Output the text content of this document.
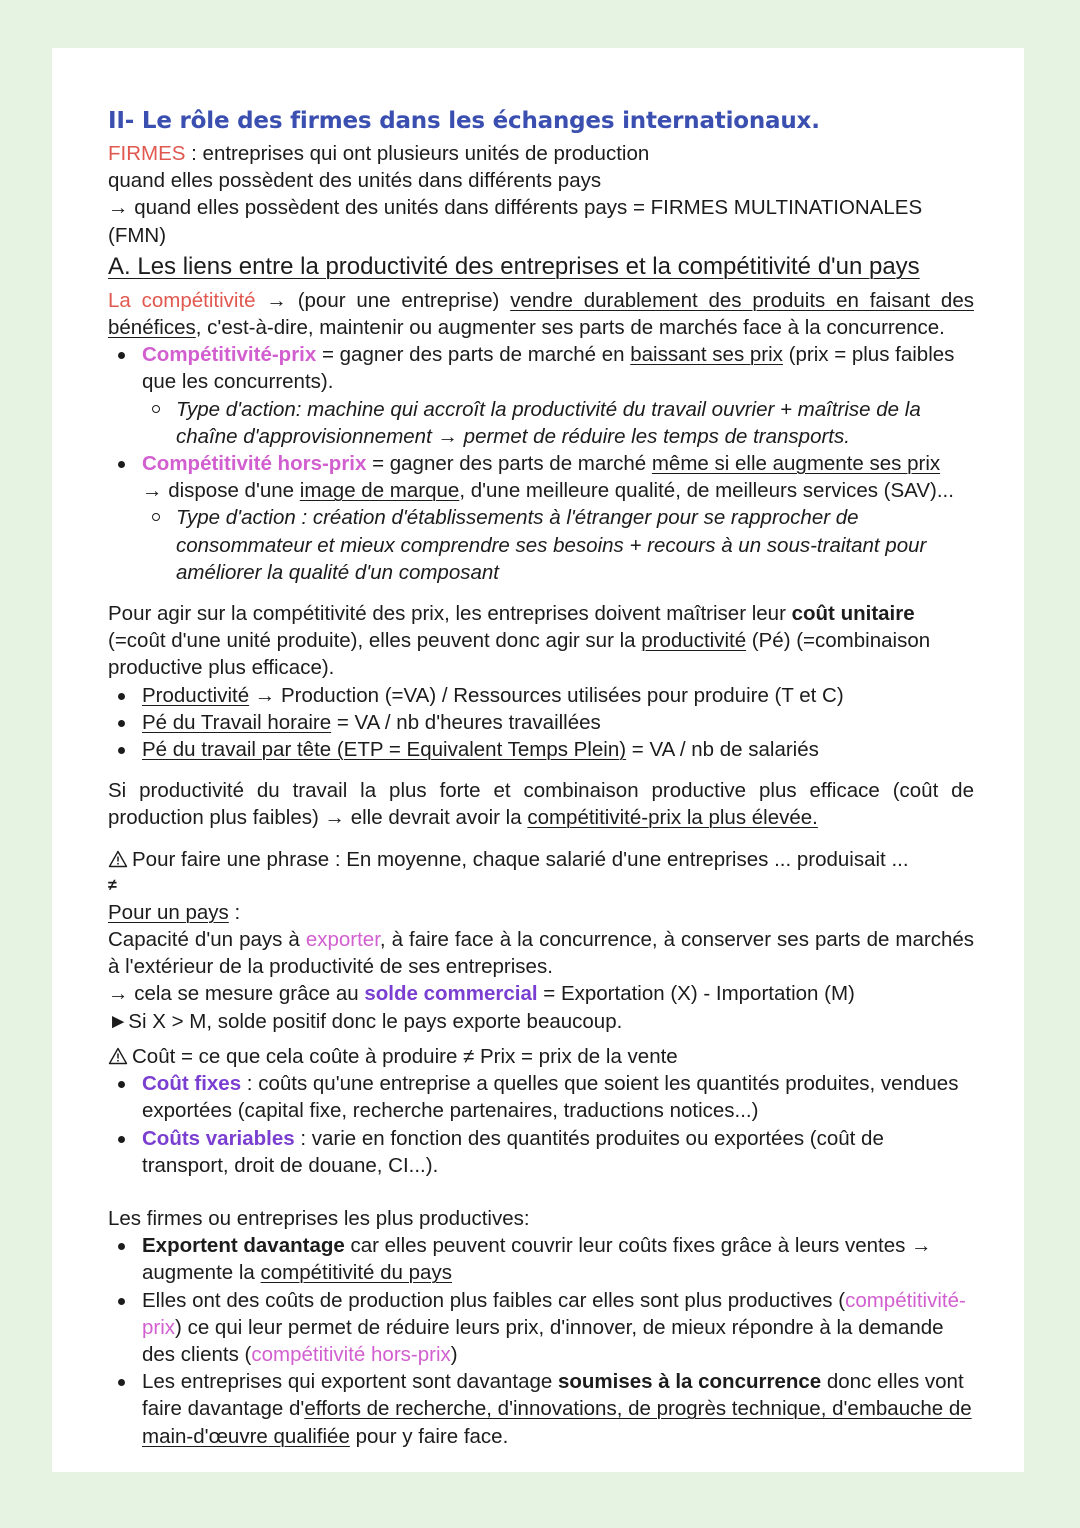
II- Le rôle des firmes dans les échanges internationaux.

FIRMES : entreprises qui ont plusieurs unités de production

quand elles possèdent des unités dans différents pays

→ quand elles possèdent des unités dans différents pays = FIRMES MULTINATIONALES (FMN)

A. Les liens entre la productivité des entreprises et la compétitivité d'un pays

La compétitivité → (pour une entreprise) vendre durablement des produits en faisant des bénéfices, c'est-à-dire, maintenir ou augmenter ses parts de marchés face à la concurrence.

Compétitivité-prix = gagner des parts de marché en baissant ses prix (prix = plus faibles que les concurrents).
Type d'action: machine qui accroît la productivité du travail ouvrier + maîtrise de la chaîne d'approvisionnement → permet de réduire les temps de transports.
Compétitivité hors-prix = gagner des parts de marché même si elle augmente ses prix
→ dispose d'une image de marque, d'une meilleure qualité, de meilleurs services (SAV)...
Type d'action : création d'établissements à l'étranger pour se rapprocher de consommateur et mieux comprendre ses besoins + recours à un sous-traitant pour améliorer la qualité d'un composant

Pour agir sur la compétitivité des prix, les entreprises doivent maîtriser leur coût unitaire (=coût d'une unité produite), elles peuvent donc agir sur la productivité (Pé) (=combinaison productive plus efficace).

Productivité → Production (=VA) / Ressources utilisées pour produire (T et C)
Pé du Travail horaire = VA / nb d'heures travaillées
Pé du travail par tête (ETP = Equivalent Temps Plein) = VA / nb de salariés

Si productivité du travail la plus forte et combinaison productive plus efficace (coût de production plus faibles) → elle devrait avoir la compétitivité-prix la plus élevée.

Pour faire une phrase : En moyenne, chaque salarié d'une entreprises ... produisait ...

≠

Pour un pays :

Capacité d'un pays à exporter, à faire face à la concurrence, à conserver ses parts de marchés à l'extérieur de la productivité de ses entreprises.

→ cela se mesure grâce au solde commercial = Exportation (X) - Importation (M)

►Si X > M, solde positif donc le pays exporte beaucoup.

Coût = ce que cela coûte à produire ≠ Prix = prix de la vente

Coût fixes : coûts qu'une entreprise a quelles que soient les quantités produites, vendues exportées (capital fixe, recherche partenaires, traductions notices...)
Coûts variables : varie en fonction des quantités produites ou exportées (coût de transport, droit de douane, CI...).

Les firmes ou entreprises les plus productives:

Exportent davantage car elles peuvent couvrir leur coûts fixes grâce à leurs ventes → augmente la compétitivité du pays
Elles ont des coûts de production plus faibles car elles sont plus productives (compétitivité-prix) ce qui leur permet de réduire leurs prix, d'innover, de mieux répondre à la demande des clients (compétitivité hors-prix)
Les entreprises qui exportent sont davantage soumises à la concurrence donc elles vont faire davantage d'efforts de recherche, d'innovations, de progrès technique, d'embauche de main-d'œuvre qualifiée pour y faire face.
